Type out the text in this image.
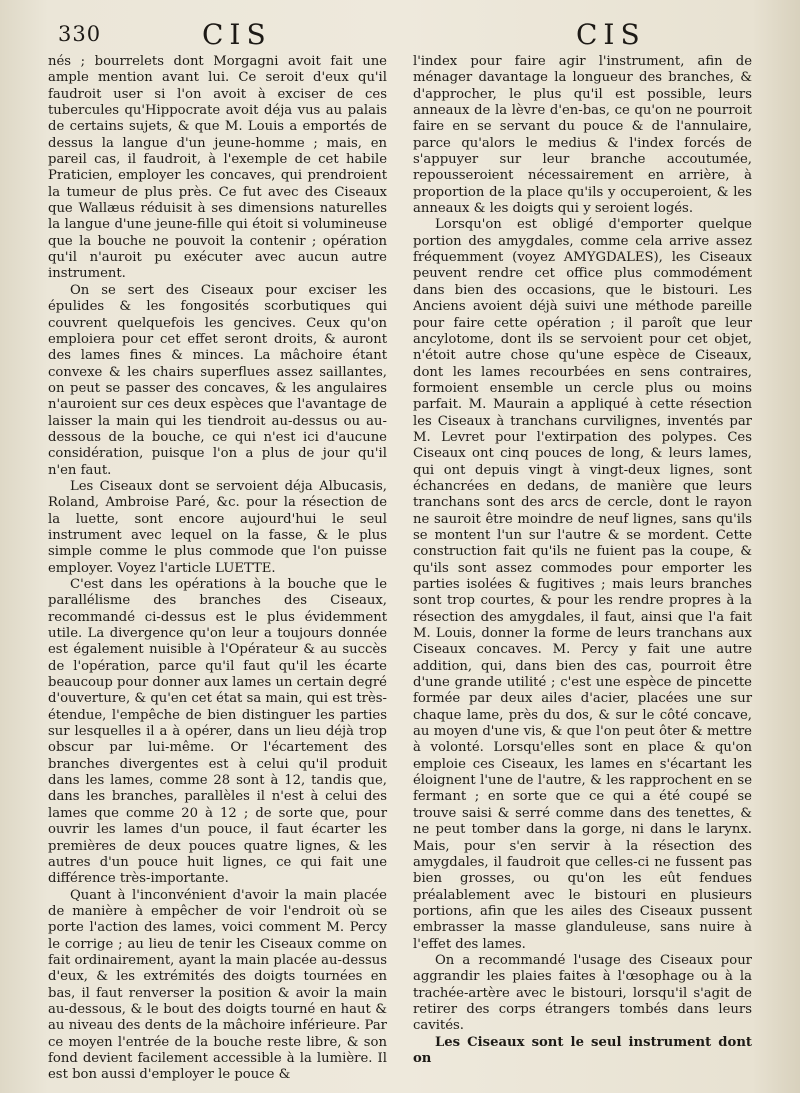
330	CIS	CIS

nés ; bourrelets dont Morgagni avoit fait une ample mention avant lui. Ce seroit d'eux qu'il faudroit user si l'on avoit à exciser de ces tubercules qu'Hippocrate avoit déja vus au palais de certains sujets, & que M. Louis a emportés de dessus la langue d'un jeune-homme ; mais, en pareil cas, il faudroit, à l'exemple de cet habile Praticien, employer les concaves, qui prendroient la tumeur de plus près. Ce fut avec des Ciseaux que Wallæus réduisit à ses dimensions naturelles la langue d'une jeune-fille qui étoit si volumineuse que la bouche ne pouvoit la contenir ; opération qu'il n'auroit pu exécuter avec aucun autre instrument.

On se sert des Ciseaux pour exciser les épulides & les fongosités scorbutiques qui couvrent quelquefois les gencives. Ceux qu'on emploiera pour cet effet seront droits, & auront des lames fines & minces. La mâchoire étant convexe & les chairs superflues assez saillantes, on peut se passer des concaves, & les angulaires n'auroient sur ces deux espèces que l'avantage de laisser la main qui les tiendroit au-dessus ou au-dessous de la bouche, ce qui n'est ici d'aucune considération, puisque l'on a plus de jour qu'il n'en faut.

Les Ciseaux dont se servoient déja Albucasis, Roland, Ambroise Paré, &c. pour la résection de la luette, sont encore aujourd'hui le seul instrument avec lequel on la fasse, & le plus simple comme le plus commode que l'on puisse employer. Voyez l'article LUETTE.

C'est dans les opérations à la bouche que le parallélisme des branches des Ciseaux, recommandé ci-dessus est le plus évidemment utile. La divergence qu'on leur a toujours donnée est également nuisible à l'Opérateur & au succès de l'opération, parce qu'il faut qu'il les écarte beaucoup pour donner aux lames un certain degré d'ouverture, & qu'en cet état sa main, qui est très-étendue, l'empêche de bien distinguer les parties sur lesquelles il a à opérer, dans un lieu déjà trop obscur par lui-même. Or l'écartement des branches divergentes est à celui qu'il produit dans les lames, comme 28 sont à 12, tandis que, dans les branches, parallèles il n'est à celui des lames que comme 20 à 12 ; de sorte que, pour ouvrir les lames d'un pouce, il faut écarter les premières de deux pouces quatre lignes, & les autres d'un pouce huit lignes, ce qui fait une différence très-importante.

Quant à l'inconvénient d'avoir la main placée de manière à empêcher de voir l'endroit où se porte l'action des lames, voici comment M. Percy le corrige ; au lieu de tenir les Ciseaux comme on fait ordinairement, ayant la main placée au-dessus d'eux, & les extrémités des doigts tournées en bas, il faut renverser la position & avoir la main au-dessous, & le bout des doigts tourné en haut & au niveau des dents de la mâchoire inférieure. Par ce moyen l'entrée de la bouche reste libre, & son fond devient facilement accessible à la lumière. Il est bon aussi d'employer le pouce &

l'index pour faire agir l'instrument, afin de ménager davantage la longueur des branches, & d'approcher, le plus qu'il est possible, leurs anneaux de la lèvre d'en-bas, ce qu'on ne pourroit faire en se servant du pouce & de l'annulaire, parce qu'alors le medius & l'index forcés de s'appuyer sur leur branche accoutumée, repousseroient nécessairement en arrière, à proportion de la place qu'ils y occuperoient, & les anneaux & les doigts qui y seroient logés.

Lorsqu'on est obligé d'emporter quelque portion des amygdales, comme cela arrive assez fréquemment (voyez AMYGDALES), les Ciseaux peuvent rendre cet office plus commodément dans bien des occasions, que le bistouri. Les Anciens avoient déjà suivi une méthode pareille pour faire cette opération ; il paroît que leur ancylotome, dont ils se servoient pour cet objet, n'étoit autre chose qu'une espèce de Ciseaux, dont les lames recourbées en sens contraires, formoient ensemble un cercle plus ou moins parfait. M. Maurain a appliqué à cette résection les Ciseaux à tranchans curvilignes, inventés par M. Levret pour l'extirpation des polypes. Ces Ciseaux ont cinq pouces de long, & leurs lames, qui ont depuis vingt à vingt-deux lignes, sont échancrées en dedans, de manière que leurs tranchans sont des arcs de cercle, dont le rayon ne sauroit être moindre de neuf lignes, sans qu'ils se montent l'un sur l'autre & se mordent. Cette construction fait qu'ils ne fuient pas la coupe, & qu'ils sont assez commodes pour emporter les parties isolées & fugitives ; mais leurs branches sont trop courtes, & pour les rendre propres à la résection des amygdales, il faut, ainsi que l'a fait M. Louis, donner la forme de leurs tranchans aux Ciseaux concaves. M. Percy y fait une autre addition, qui, dans bien des cas, pourroit être d'une grande utilité ; c'est une espèce de pincette formée par deux ailes d'acier, placées une sur chaque lame, près du dos, & sur le côté concave, au moyen d'une vis, & que l'on peut ôter & mettre à volonté. Lorsqu'elles sont en place & qu'on emploie ces Ciseaux, les lames en s'écartant les éloignent l'une de l'autre, & les rapprochent en se fermant ; en sorte que ce qui a été coupé se trouve saisi & serré comme dans des tenettes, & ne peut tomber dans la gorge, ni dans le larynx. Mais, pour s'en servir à la résection des amygdales, il faudroit que celles-ci ne fussent pas bien grosses, ou qu'on les eût fendues préalablement avec le bistouri en plusieurs portions, afin que les ailes des Ciseaux pussent embrasser la masse glanduleuse, sans nuire à l'effet des lames.

On a recommandé l'usage des Ciseaux pour aggrandir les plaies faites à l'œsophage ou à la trachée-artère avec le bistouri, lorsqu'il s'agit de retirer des corps étrangers tombés dans leurs cavités.

Les Ciseaux sont le seul instrument dont on
